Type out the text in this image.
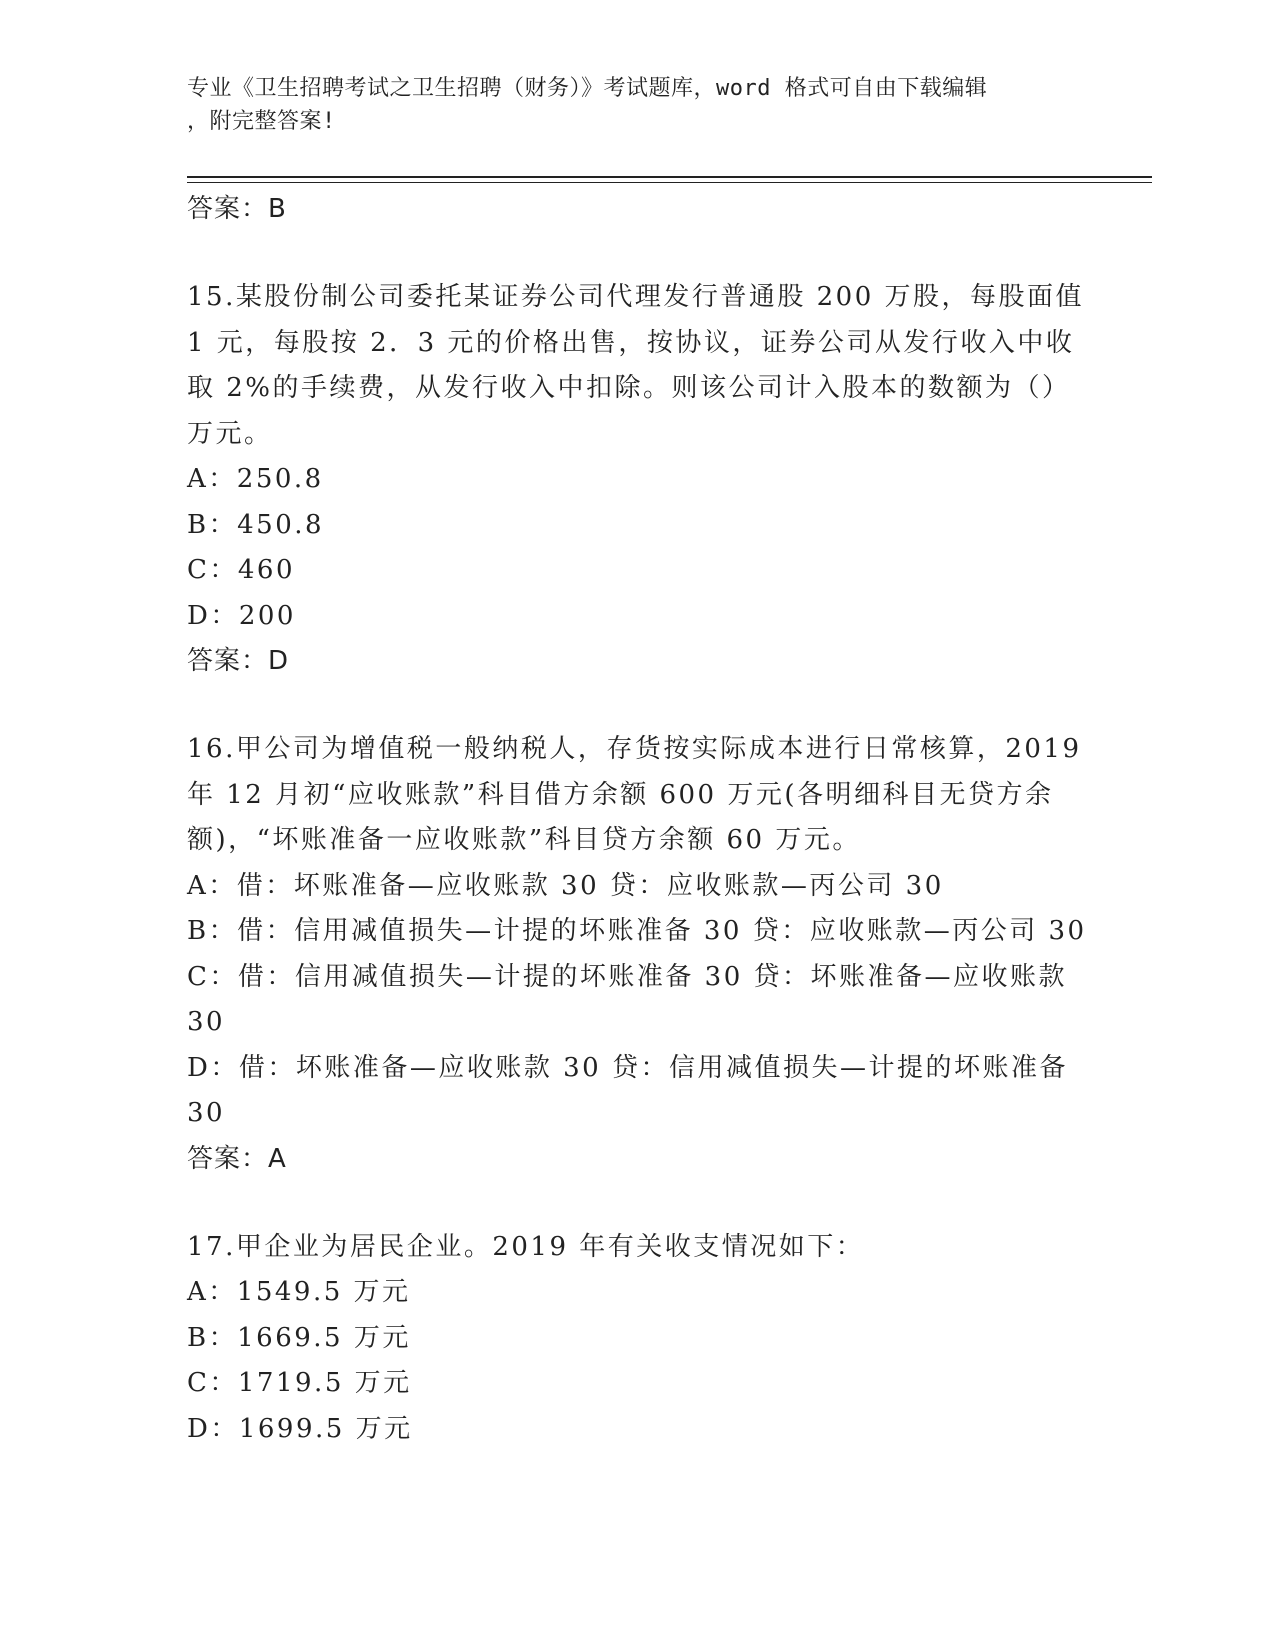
专业《卫生招聘考试之卫生招聘（财务）》考试题库，word 格式可自由下载编辑
，附完整答案!
答案：B
15.某股份制公司委托某证券公司代理发行普通股 200 万股，每股面值 1 元，每股按 2．3 元的价格出售，按协议，证券公司从发行收入中收取 2%的手续费，从发行收入中扣除。则该公司计入股本的数额为（）万元。
A：250.8
B：450.8
C：460
D：200
答案：D
16.甲公司为增值税一般纳税人，存货按实际成本进行日常核算，2019 年 12 月初“应收账款”科目借方余额 600 万元(各明细科目无贷方余额)，“坏账准备一应收账款”科目贷方余额 60 万元。
A：借：坏账准备—应收账款 30 贷：应收账款—丙公司 30
B：借：信用减值损失—计提的坏账准备 30 贷：应收账款—丙公司 30
C：借：信用减值损失—计提的坏账准备 30 贷：坏账准备—应收账款 30
D：借：坏账准备—应收账款 30 贷：信用减值损失—计提的坏账准备 30
答案：A
17.甲企业为居民企业。2019 年有关收支情况如下：
A：1549.5 万元
B：1669.5 万元
C：1719.5 万元
D：1699.5 万元
